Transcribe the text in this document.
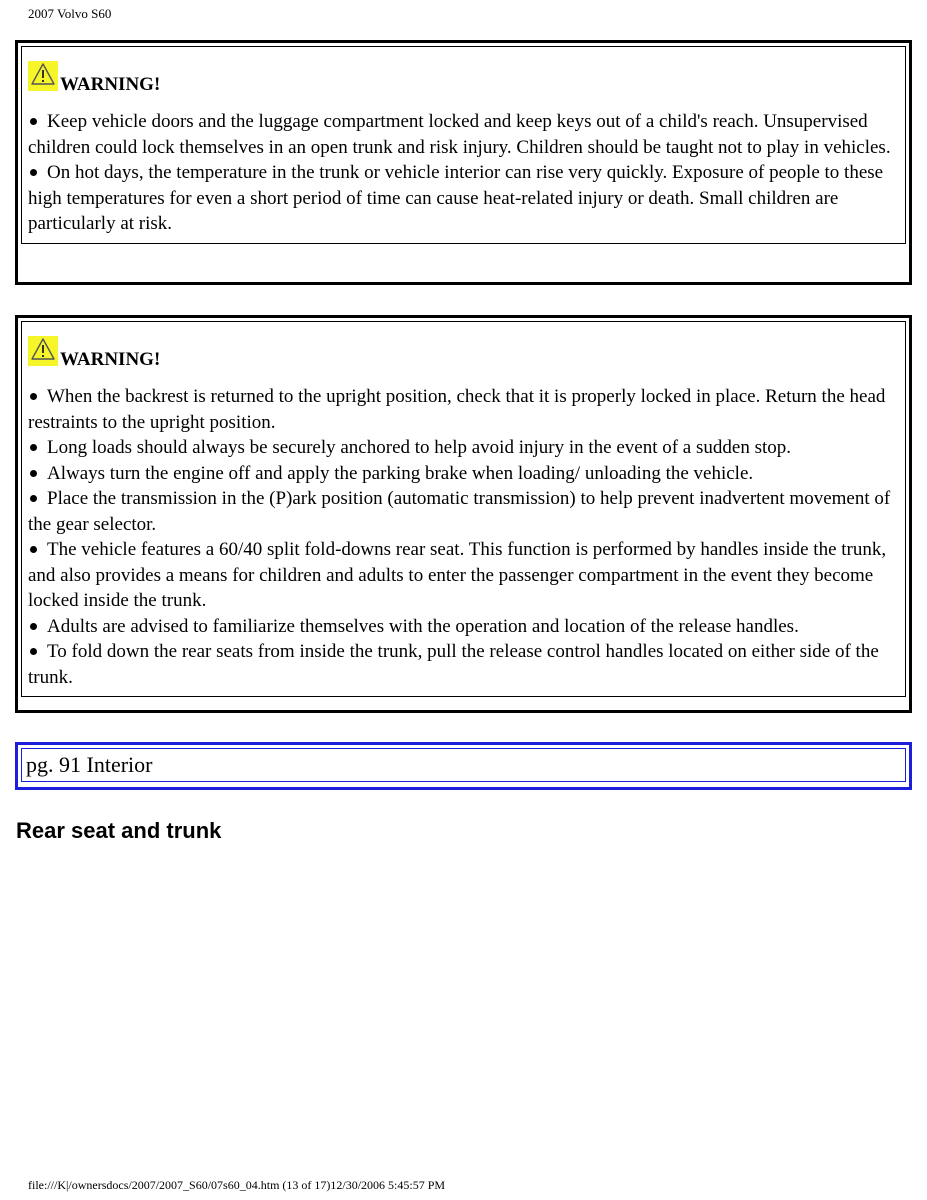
2007 Volvo S60
WARNING!
Keep vehicle doors and the luggage compartment locked and keep keys out of a child's reach. Unsupervised children could lock themselves in an open trunk and risk injury. Children should be taught not to play in vehicles.
On hot days, the temperature in the trunk or vehicle interior can rise very quickly. Exposure of people to these high temperatures for even a short period of time can cause heat-related injury or death. Small children are particularly at risk.
WARNING!
When the backrest is returned to the upright position, check that it is properly locked in place. Return the head restraints to the upright position.
Long loads should always be securely anchored to help avoid injury in the event of a sudden stop.
Always turn the engine off and apply the parking brake when loading/ unloading the vehicle.
Place the transmission in the (P)ark position (automatic transmission) to help prevent inadvertent movement of the gear selector.
The vehicle features a 60/40 split fold-downs rear seat. This function is performed by handles inside the trunk, and also provides a means for children and adults to enter the passenger compartment in the event they become locked inside the trunk.
Adults are advised to familiarize themselves with the operation and location of the release handles.
To fold down the rear seats from inside the trunk, pull the release control handles located on either side of the trunk.
pg. 91 Interior
Rear seat and trunk
file:///K|/ownersdocs/2007/2007_S60/07s60_04.htm (13 of 17)12/30/2006 5:45:57 PM
